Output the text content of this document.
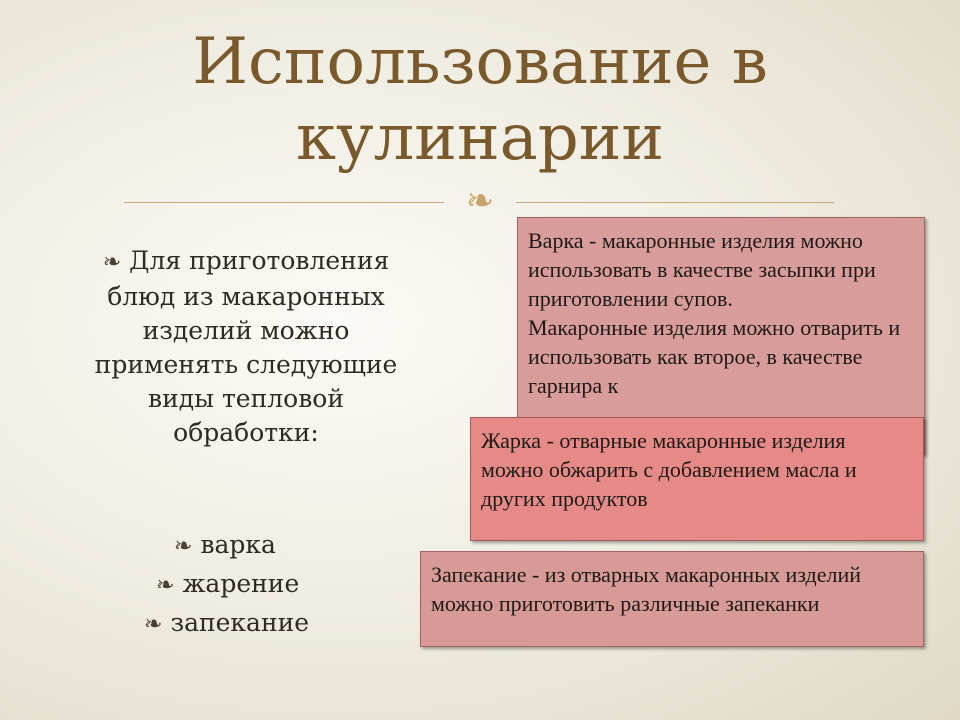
Использование в кулинарии
❧
❧ Для приготовления блюд из макаронных изделий можно применять следующие виды тепловой обработки:
❧ варка
❧ жарение
❧ запекание

Варка - макаронные изделия можно использовать в качестве засыпки при приготовлении супов.

Макаронные изделия можно отварить и использовать как второе, в качестве гарнира к

Жарка - отварные макаронные изделия можно обжарить с добавлением масла и других продуктов

Запекание - из отварных макаронных изделий можно приготовить различные запеканки
